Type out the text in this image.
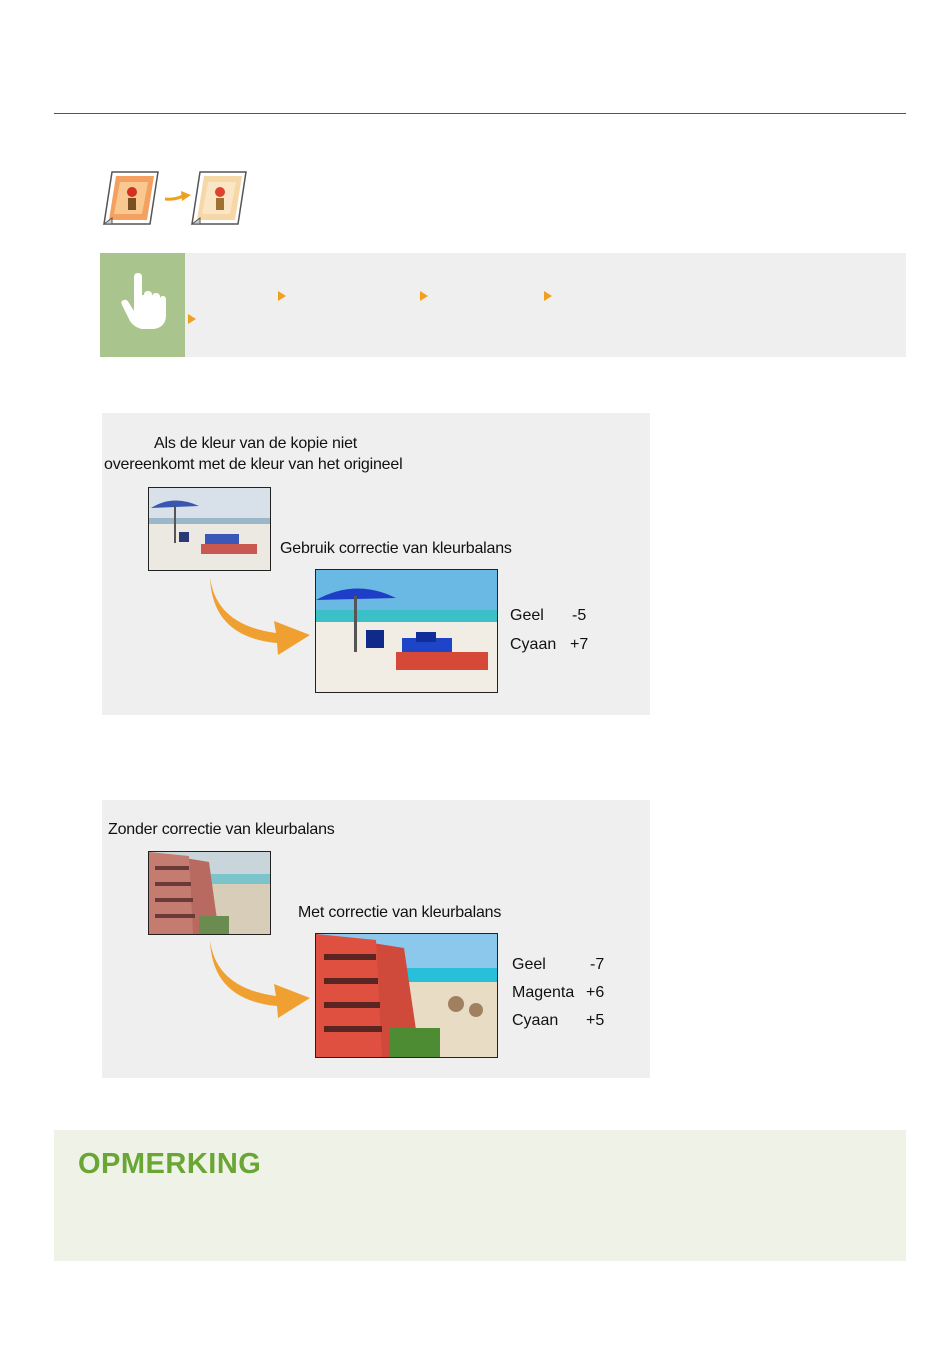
Als de kleur van de kopie niet
overeenkomt met de kleur van het origineel
Gebruik correctie van kleurbalans
Geel -5
Cyaan +7
Zonder correctie van kleurbalans
Met correctie van kleurbalans
Geel	-7
Magenta +6
Cyaan +5
OPMERKING
